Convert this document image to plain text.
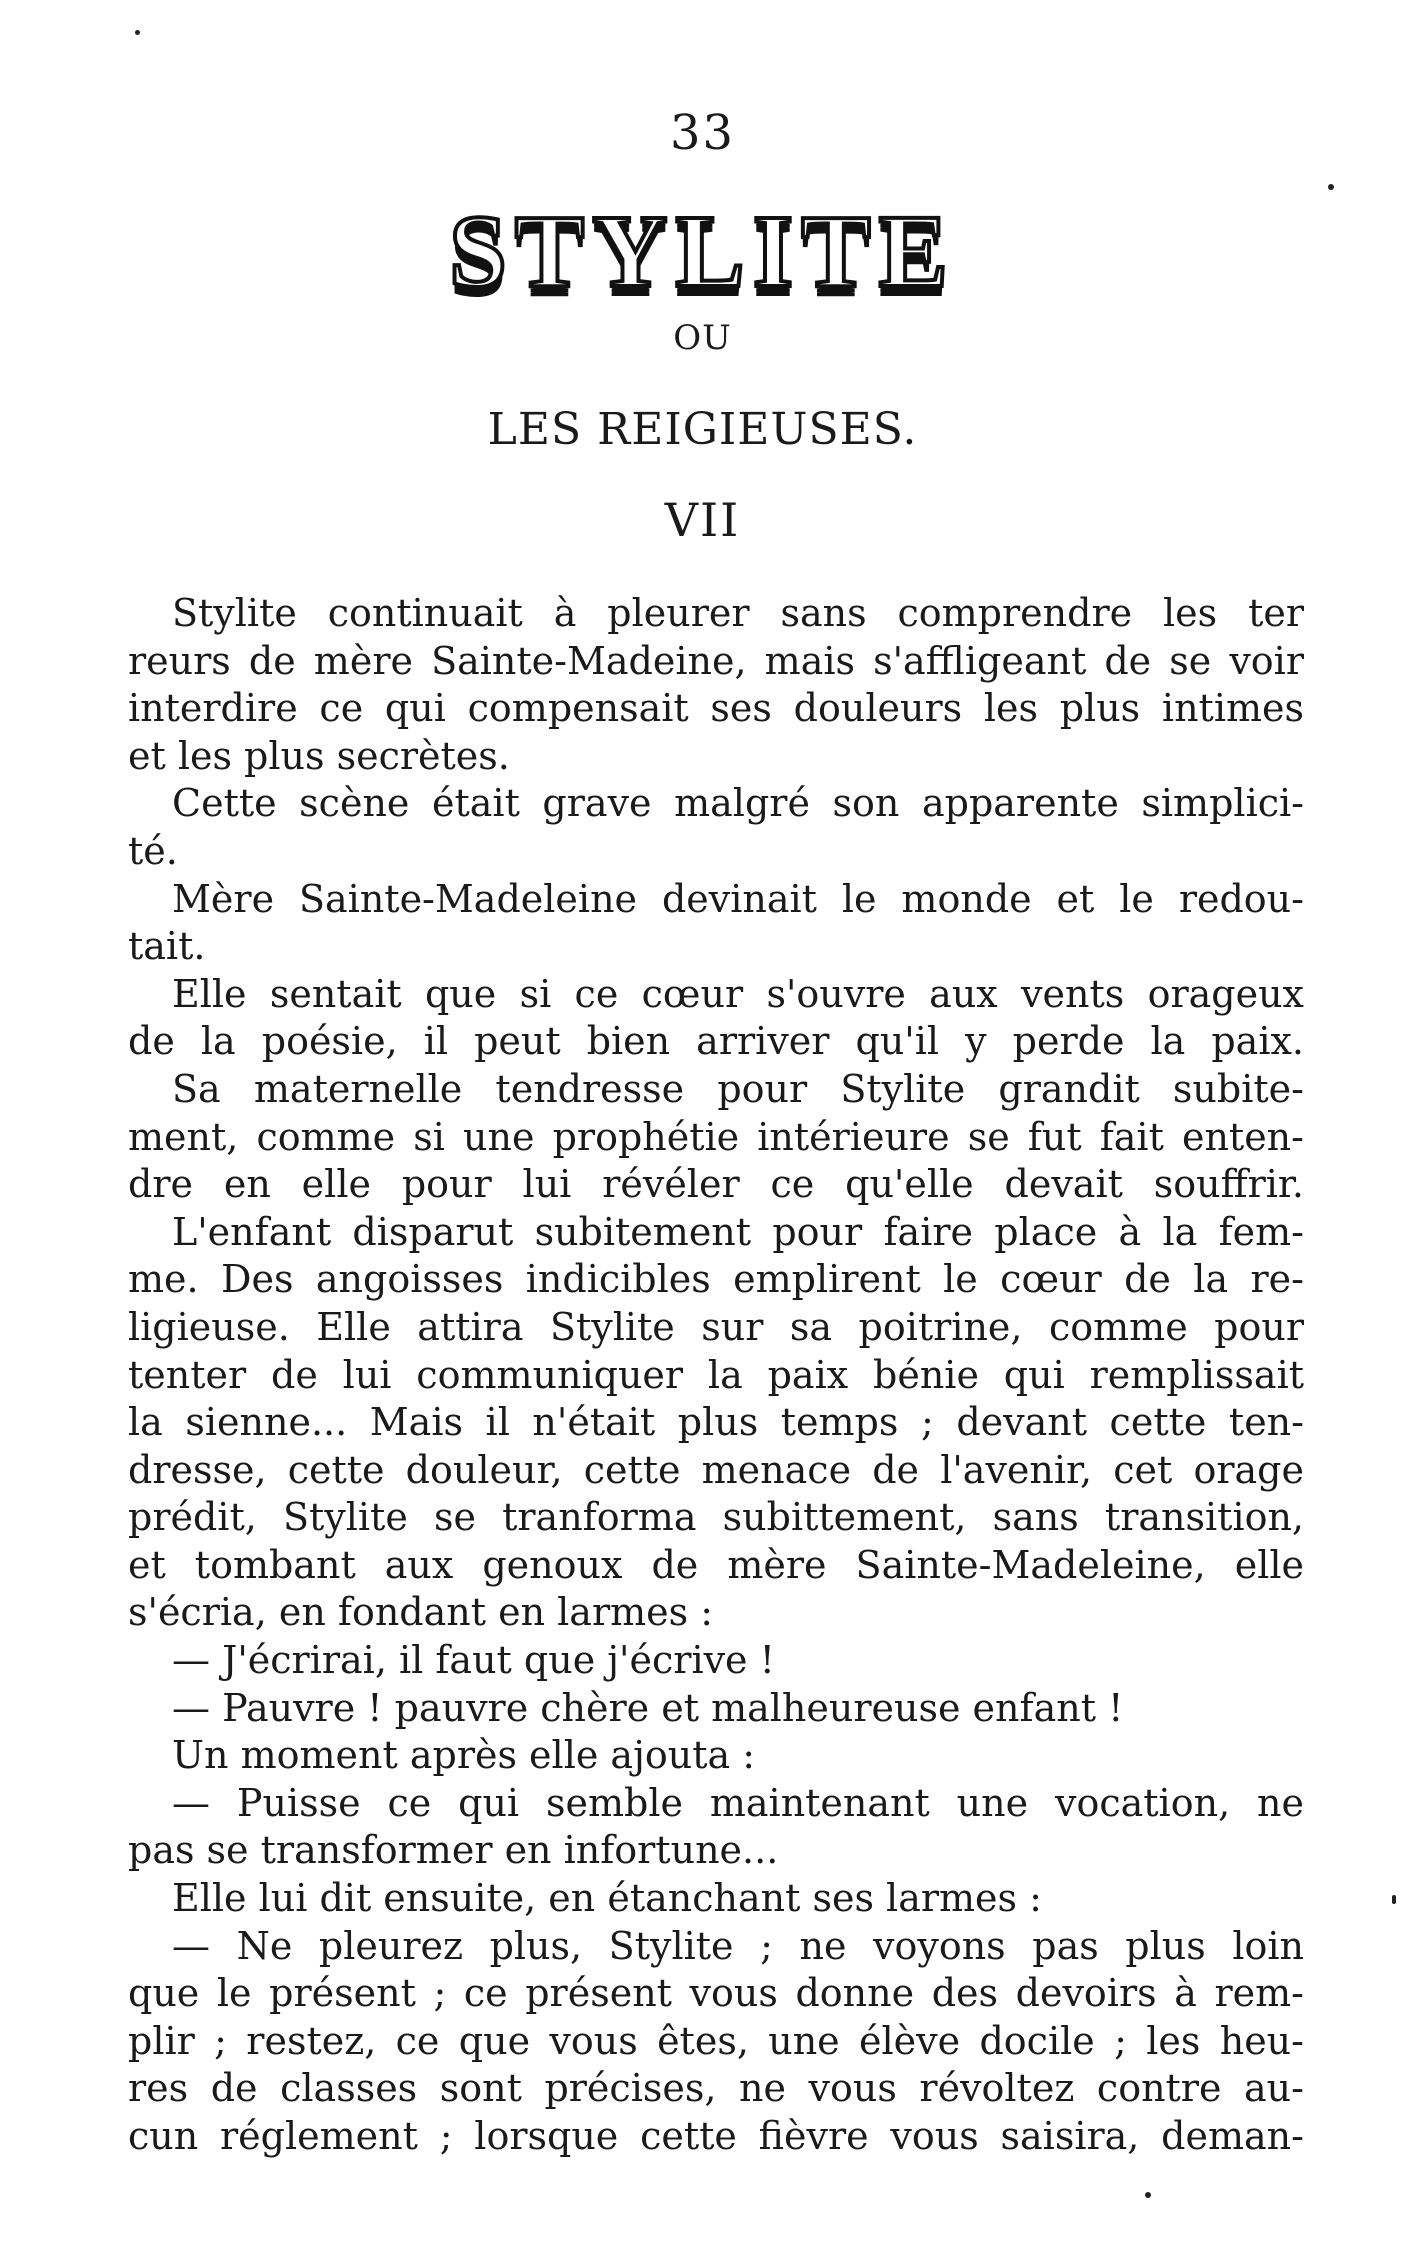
33
STYLITE
OU
LES REIGIEUSES.
VII
Stylite continuait à pleurer sans comprendre les ter
reurs de mère Sainte-Madeine, mais s'affligeant de se voir
interdire ce qui compensait ses douleurs les plus intimes
et les plus secrètes.
Cette scène était grave malgré son apparente simplici-
té.
Mère Sainte-Madeleine devinait le monde et le redou-
tait.
Elle sentait que si ce cœur s'ouvre aux vents orageux
de la poésie, il peut bien arriver qu'il y perde la paix.
Sa maternelle tendresse pour Stylite grandit subite-
ment, comme si une prophétie intérieure se fut fait enten-
dre en elle pour lui révéler ce qu'elle devait souffrir.
L'enfant disparut subitement pour faire place à la fem-
me. Des angoisses indicibles emplirent le cœur de la re-
ligieuse. Elle attira Stylite sur sa poitrine, comme pour
tenter de lui communiquer la paix bénie qui remplissait
la sienne... Mais il n'était plus temps ; devant cette ten-
dresse, cette douleur, cette menace de l'avenir, cet orage
prédit, Stylite se tranforma subittement, sans transition,
et tombant aux genoux de mère Sainte-Madeleine, elle
s'écria, en fondant en larmes :
— J'écrirai, il faut que j'écrive !
— Pauvre ! pauvre chère et malheureuse enfant !
Un moment après elle ajouta :
— Puisse ce qui semble maintenant une vocation, ne
pas se transformer en infortune...
Elle lui dit ensuite, en étanchant ses larmes :
— Ne pleurez plus, Stylite ; ne voyons pas plus loin
que le présent ; ce présent vous donne des devoirs à rem-
plir ; restez, ce que vous êtes, une élève docile ; les heu-
res de classes sont précises, ne vous révoltez contre au-
cun réglement ; lorsque cette fièvre vous saisira, deman-
